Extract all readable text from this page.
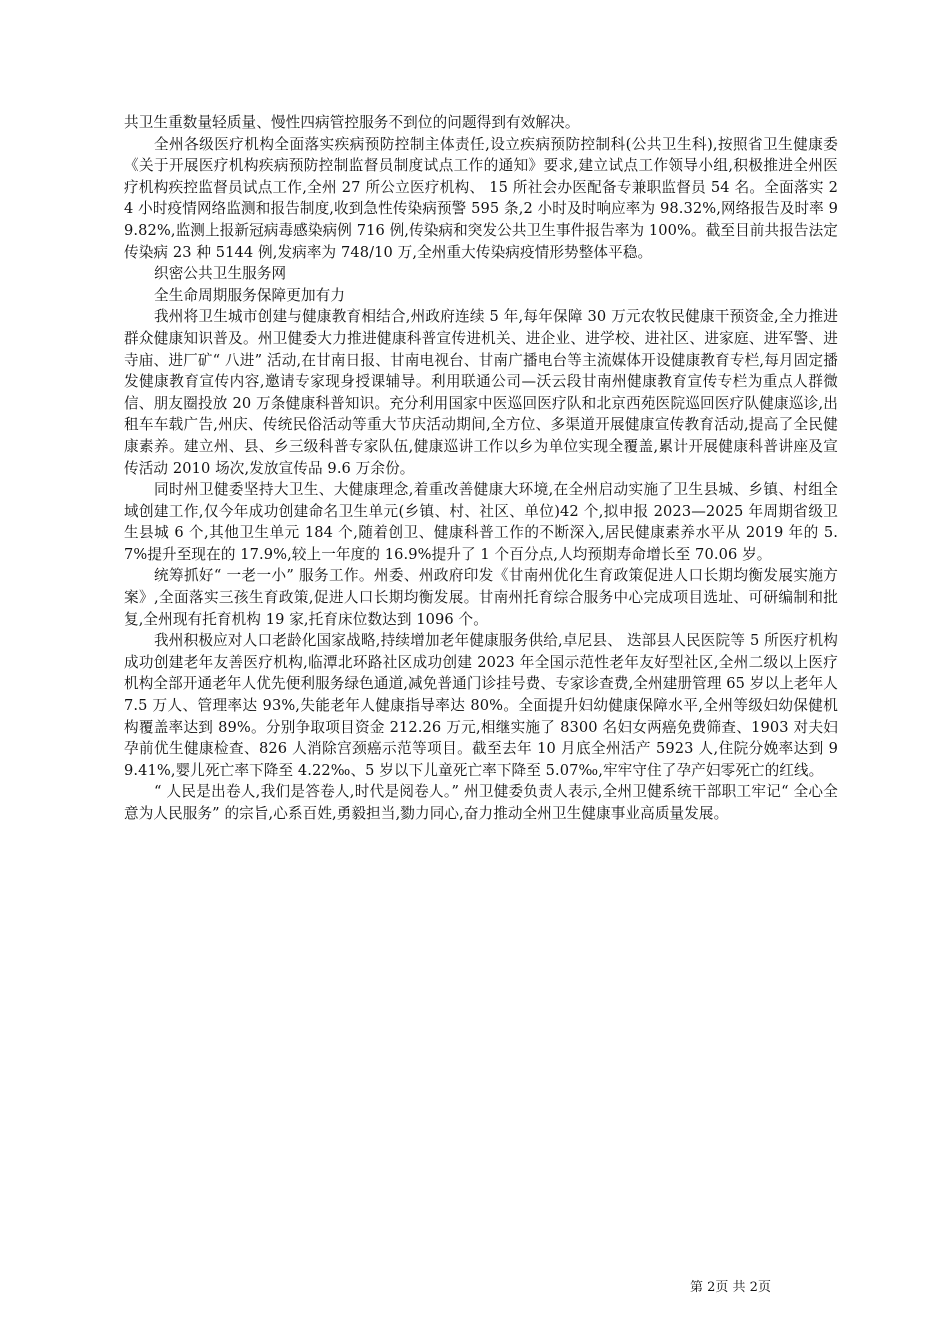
共卫生重数量轻质量、慢性四病管控服务不到位的问题得到有效解决。

全州各级医疗机构全面落实疾病预防控制主体责任,设立疾病预防控制科(公共卫生科),按照省卫生健康委《关于开展医疗机构疾病预防控制监督员制度试点工作的通知》要求,建立试点工作领导小组,积极推进全州医疗机构疾控监督员试点工作,全州 27 所公立医疗机构、 15 所社会办医配备专兼职监督员 54 名。全面落实 24 小时疫情网络监测和报告制度,收到急性传染病预警 595 条,2 小时及时响应率为 98.32%,网络报告及时率 99.82%,监测上报新冠病毒感染病例 716 例,传染病和突发公共卫生事件报告率为 100%。截至目前共报告法定传染病 23 种 5144 例,发病率为 748/10 万,全州重大传染病疫情形势整体平稳。

织密公共卫生服务网

全生命周期服务保障更加有力

我州将卫生城市创建与健康教育相结合,州政府连续 5 年,每年保障 30 万元农牧民健康干预资金,全力推进群众健康知识普及。州卫健委大力推进健康科普宣传进机关、进企业、进学校、进社区、进家庭、进军警、进寺庙、进厂矿“ 八进” 活动,在甘南日报、甘南电视台、甘南广播电台等主流媒体开设健康教育专栏,每月固定播发健康教育宣传内容,邀请专家现身授课辅导。利用联通公司—沃云段甘南州健康教育宣传专栏为重点人群微信、朋友圈投放 20 万条健康科普知识。充分利用国家中医巡回医疗队和北京西苑医院巡回医疗队健康巡诊,出租车车载广告,州庆、传统民俗活动等重大节庆活动期间,全方位、多渠道开展健康宣传教育活动,提高了全民健康素养。建立州、县、乡三级科普专家队伍,健康巡讲工作以乡为单位实现全覆盖,累计开展健康科普讲座及宣传活动 2010 场次,发放宣传品 9.6 万余份。

同时州卫健委坚持大卫生、大健康理念,着重改善健康大环境,在全州启动实施了卫生县城、乡镇、村组全域创建工作,仅今年成功创建命名卫生单元(乡镇、村、社区、单位)42 个,拟申报 2023—2025 年周期省级卫生县城 6 个,其他卫生单元 184 个,随着创卫、健康科普工作的不断深入,居民健康素养水平从 2019 年的 5.7%提升至现在的 17.9%,较上一年度的 16.9%提升了 1 个百分点,人均预期寿命增长至 70.06 岁。

统筹抓好“ 一老一小” 服务工作。州委、州政府印发《甘南州优化生育政策促进人口长期均衡发展实施方案》,全面落实三孩生育政策,促进人口长期均衡发展。甘南州托育综合服务中心完成项目选址、可研编制和批复,全州现有托育机构 19 家,托育床位数达到 1096 个。

我州积极应对人口老龄化国家战略,持续增加老年健康服务供给,卓尼县、 迭部县人民医院等 5 所医疗机构成功创建老年友善医疗机构,临潭北环路社区成功创建 2023 年全国示范性老年友好型社区,全州二级以上医疗机构全部开通老年人优先便利服务绿色通道,减免普通门诊挂号费、专家诊查费,全州建册管理 65 岁以上老年人 7.5 万人、管理率达 93%,失能老年人健康指导率达 80%。全面提升妇幼健康保障水平,全州等级妇幼保健机构覆盖率达到 89%。分别争取项目资金 212.26 万元,相继实施了 8300 名妇女两癌免费筛查、1903 对夫妇孕前优生健康检查、826 人消除宫颈癌示范等项目。截至去年 10 月底全州活产 5923 人,住院分娩率达到 99.41%,婴儿死亡率下降至 4.22‰、5 岁以下儿童死亡率下降至 5.07‰,牢牢守住了孕产妇零死亡的红线。

“ 人民是出卷人,我们是答卷人,时代是阅卷人。” 州卫健委负责人表示,全州卫健系统干部职工牢记“ 全心全意为人民服务” 的宗旨,心系百姓,勇毅担当,勠力同心,奋力推动全州卫生健康事业高质量发展。

第 2页 共 2页
